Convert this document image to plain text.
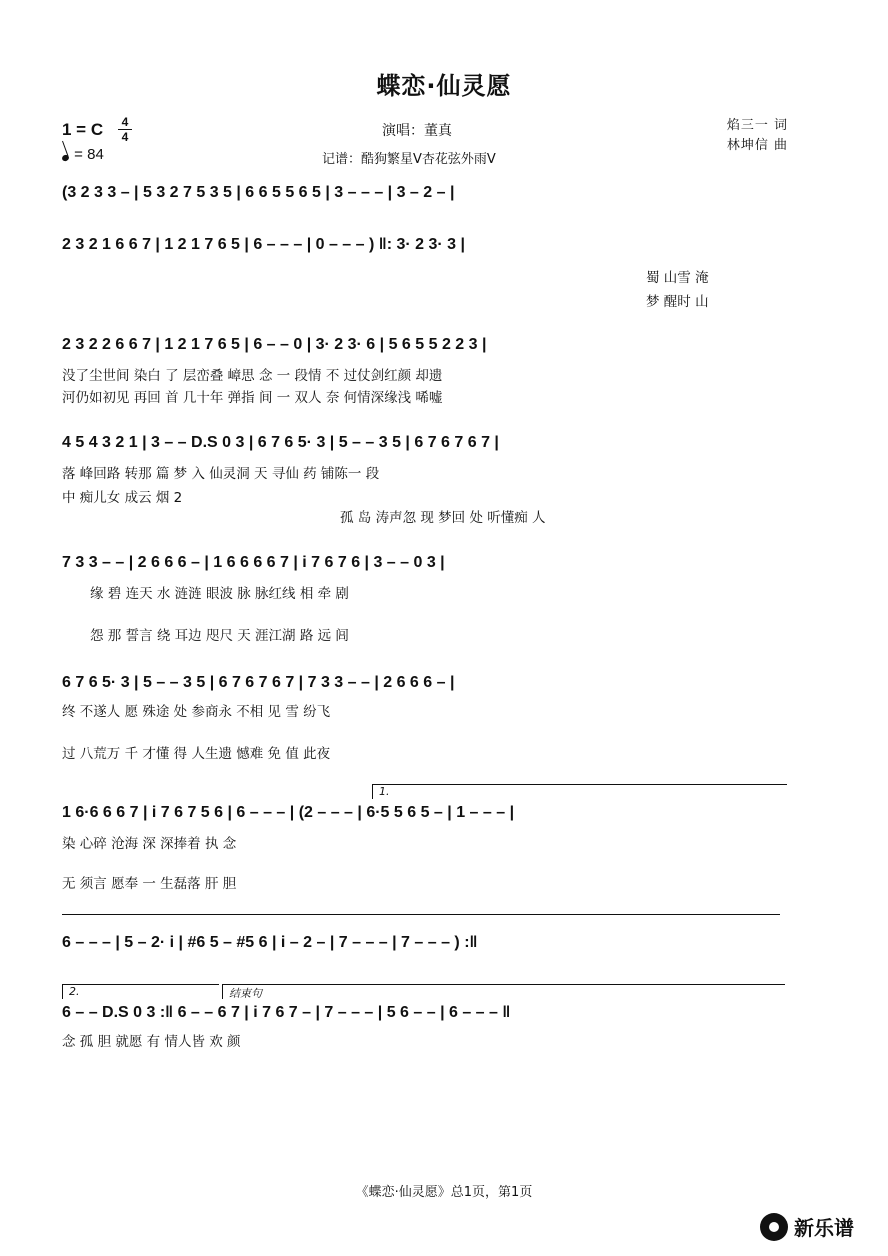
蝶恋·仙灵愿
1 = C	4
4
= 84
演唱：董真
记谱：酷狗繁星V杏花弦外雨V
焰三一 词
林坤信 曲
(3 2 3 3 – | 5 3 2 7 5 3 5 | 6 6 5 5 6 5 | 3 – – – | 3 – 2 – |
2 3 2 1 6 6 7 | 1 2 1 7 6 5 | 6 – – – | 0 – – – ) ‖: 3· 2 3· 3 |
蜀 山雪 淹
梦 醒时 山
2 3 2 2 6 6 7 | 1 2 1 7 6 5 | 6 – – 0 | 3· 2 3· 6 | 5 6 5 5 2 2 3 |
没了尘世间 染白 了 层峦叠 嶂思 念 一 段情 不 过仗剑红颜 却遗
河仍如初见 再回 首 几十年 弹指 间 一 双人 奈 何情深缘浅 唏嘘
4 5 4 3 2 1 | 3 – – D.S 0 3 | 6 7 6 5· 3 | 5 – – 3 5 | 6 7 6 7 6 7 |
落 峰回路 转那 篇 梦 入 仙灵洞 天 寻仙 药 铺陈一 段
中 痴儿女 成云 烟 2
孤 岛 涛声忽 现 梦回 处 听懂痴 人
7 3 3 – – | 2 6 6 6 – | 1 6 6 6 6 7 | i 7 6 7 6 | 3 – – 0 3 |
缘 碧 连天 水 涟涟 眼波 脉 脉红线 相 牵 剧
怨 那 誓言 绕 耳边 咫尺 天 涯江湖 路 远 闾
6 7 6 5· 3 | 5 – – 3 5 | 6 7 6 7 6 7 | 7 3 3 – – | 2 6 6 6 – |
终 不遂人 愿 殊途 处 参商永 不相 见 雪 纷飞
过 八荒万 千 才懂 得 人生遗 憾难 免 值 此夜
1.
1 6·6 6 6 7 | i 7 6 7 5 6 | 6 – – – | (2 – – – | 6·5 5 6 5 – | 1 – – – |
染 心碎 沧海 深 深捧着 执 念
无 须言 愿奉 一 生磊落 肝 胆
6 – – – | 5 – 2· i | #6 5 – #5 6 | i – 2 – | 7 – – – | 7 – – – ) :‖
2.	结束句
6 – – D.S 0 3 :‖ 6 – – 6 7 | i 7 6 7 – | 7 – – – | 5 6 – – | 6 – – – ‖
念 孤 胆 就愿 有 情人皆 欢 颜
《蝶恋·仙灵愿》总1页，第1页
新乐谱
